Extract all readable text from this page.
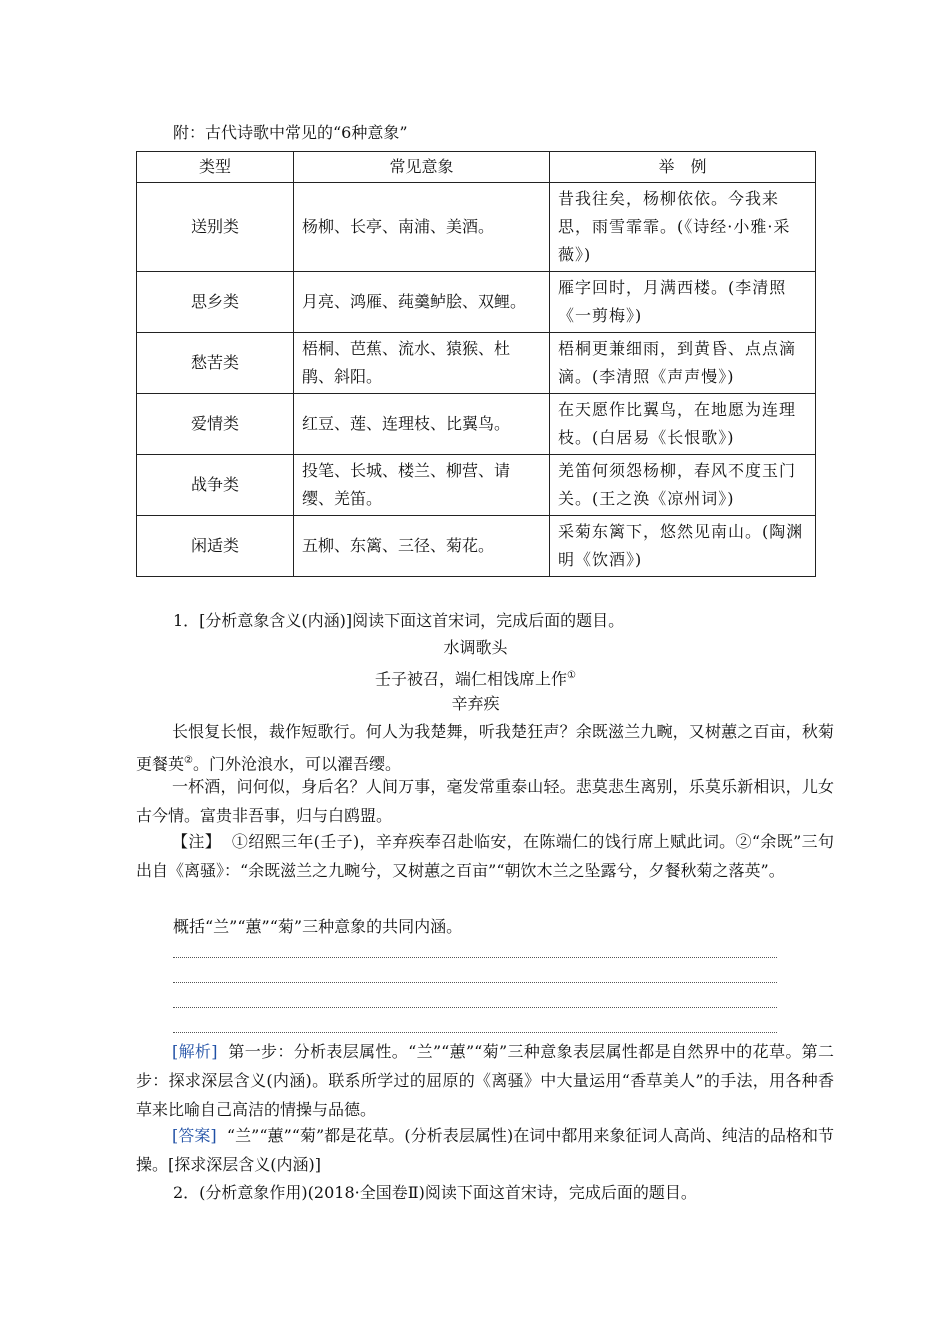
附：古代诗歌中常见的“6种意象”
类型	常见意象	举　例
送别类	杨柳、长亭、南浦、美酒。	昔我往矣，杨柳依依。今我来思，雨雪霏霏。(《诗经·小雅·采薇》)
思乡类	月亮、鸿雁、莼羹鲈脍、双鲤。	雁字回时，月满西楼。(李清照《一剪梅》)
愁苦类	梧桐、芭蕉、流水、猿猴、杜鹃、斜阳。	梧桐更兼细雨，到黄昏、点点滴滴。(李清照《声声慢》)
爱情类	红豆、莲、连理枝、比翼鸟。	在天愿作比翼鸟，在地愿为连理枝。(白居易《长恨歌》)
战争类	投笔、长城、楼兰、柳营、请缨、羌笛。	羌笛何须怨杨柳，春风不度玉门关。(王之涣《凉州词》)
闲适类	五柳、东篱、三径、菊花。	采菊东篱下，悠然见南山。(陶渊明《饮酒》)
1．[分析意象含义(内涵)]阅读下面这首宋词，完成后面的题目。
水调歌头
壬子被召，端仁相饯席上作①
辛弃疾
长恨复长恨，裁作短歌行。何人为我楚舞，听我楚狂声？余既滋兰九畹，又树蕙之百亩，秋菊更餐英②。门外沧浪水，可以濯吾缨。
一杯酒，问何似，身后名？人间万事，毫发常重泰山轻。悲莫悲生离别，乐莫乐新相识，儿女古今情。富贵非吾事，归与白鸥盟。
【注】 ①绍熙三年(壬子)，辛弃疾奉召赴临安，在陈端仁的饯行席上赋此词。②“余既”三句出自《离骚》：“余既滋兰之九畹兮，又树蕙之百亩”“朝饮木兰之坠露兮，夕餐秋菊之落英”。
概括“兰”“蕙”“菊”三种意象的共同内涵。
[解析] 第一步：分析表层属性。“兰”“蕙”“菊”三种意象表层属性都是自然界中的花草。第二步：探求深层含义(内涵)。联系所学过的屈原的《离骚》中大量运用“香草美人”的手法，用各种香草来比喻自己高洁的情操与品德。
[答案] “兰”“蕙”“菊”都是花草。(分析表层属性)在词中都用来象征词人高尚、纯洁的品格和节操。[探求深层含义(内涵)]
2．(分析意象作用)(2018·全国卷Ⅱ)阅读下面这首宋诗，完成后面的题目。
